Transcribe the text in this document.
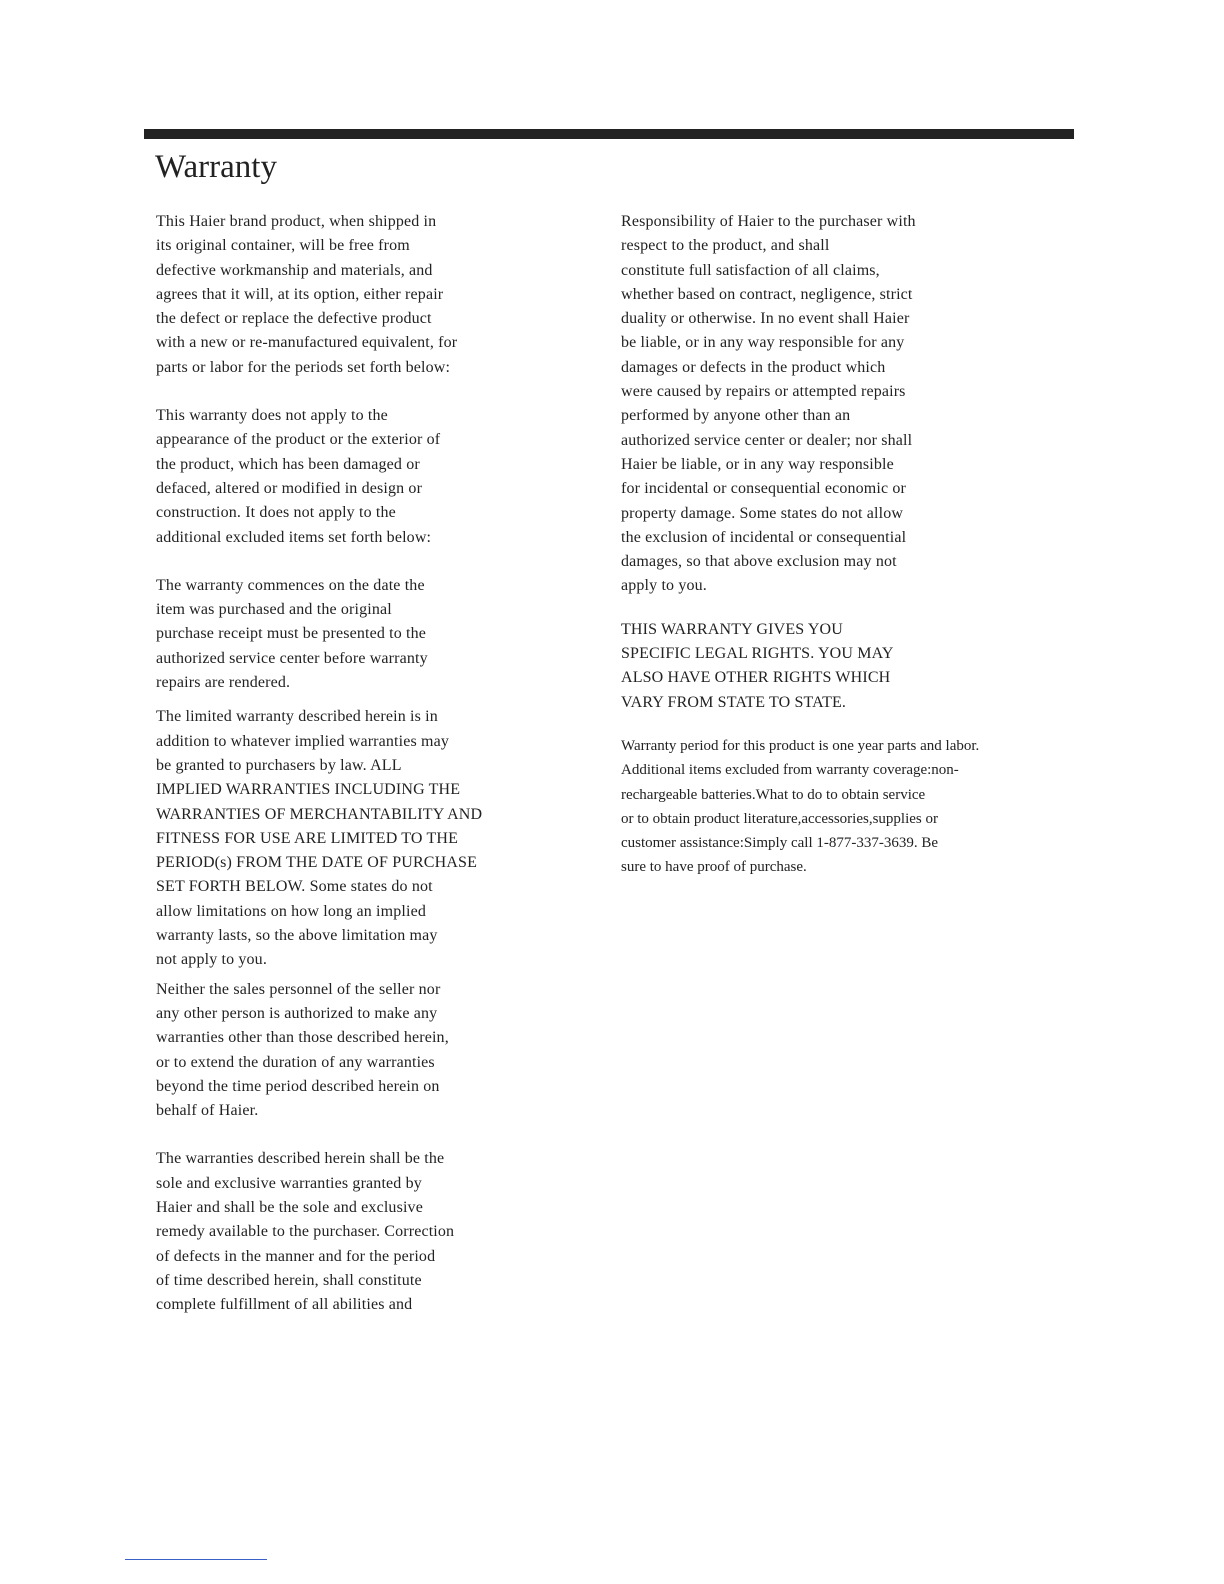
Warranty
This Haier brand product, when shipped in
its original container, will be free from
defective workmanship and materials, and
agrees that it will, at its option, either repair
the defect or replace the defective product
with a new or re-manufactured equivalent, for
parts or labor for the periods set forth below:
This warranty does not apply to the
appearance of the product or the exterior of
the product, which has been damaged or
defaced, altered or modified in design or
construction. It does not apply to the
additional excluded items set forth below:
The warranty commences on the date the
item was purchased and the original
purchase receipt must be presented to the
authorized service center before warranty
repairs are rendered.
The limited warranty described herein is in
addition to whatever implied warranties may
be granted to purchasers by law. ALL
IMPLIED WARRANTIES INCLUDING THE
WARRANTIES OF MERCHANTABILITY AND
FITNESS FOR USE ARE LIMITED TO THE
PERIOD(s) FROM THE DATE OF PURCHASE
SET FORTH BELOW. Some states do not
allow limitations on how long an implied
warranty lasts, so the above limitation may
not apply to you.
Neither the sales personnel of the seller nor
any other person is authorized to make any
warranties other than those described herein,
or to extend the duration of any warranties
beyond the time period described herein on
behalf of Haier.
The warranties described herein shall be the
sole and exclusive warranties granted by
Haier and shall be the sole and exclusive
remedy available to the purchaser. Correction
of defects in the manner and for the period
of time described herein, shall constitute
complete fulfillment of all abilities and
Responsibility of Haier to the purchaser with
respect to the product, and shall
constitute full satisfaction of all claims,
whether based on contract, negligence, strict
duality or otherwise. In no event shall Haier
be liable, or in any way responsible for any
damages or defects in the product which
were caused by repairs or attempted repairs
performed by anyone other than an
authorized service center or dealer; nor shall
Haier be liable, or in any way responsible
for incidental or consequential economic or
property damage. Some states do not allow
the exclusion of incidental or consequential
damages, so that above exclusion may not
apply to you.
THIS WARRANTY GIVES YOU
SPECIFIC LEGAL RIGHTS. YOU MAY
ALSO HAVE OTHER RIGHTS WHICH
VARY FROM STATE TO STATE.
Warranty period for this product is one year parts and labor.
Additional items excluded from warranty coverage:non-
rechargeable batteries.What to do to obtain service
or to obtain product literature,accessories,supplies or
customer assistance:Simply call 1-877-337-3639. Be
sure to have proof of purchase.
